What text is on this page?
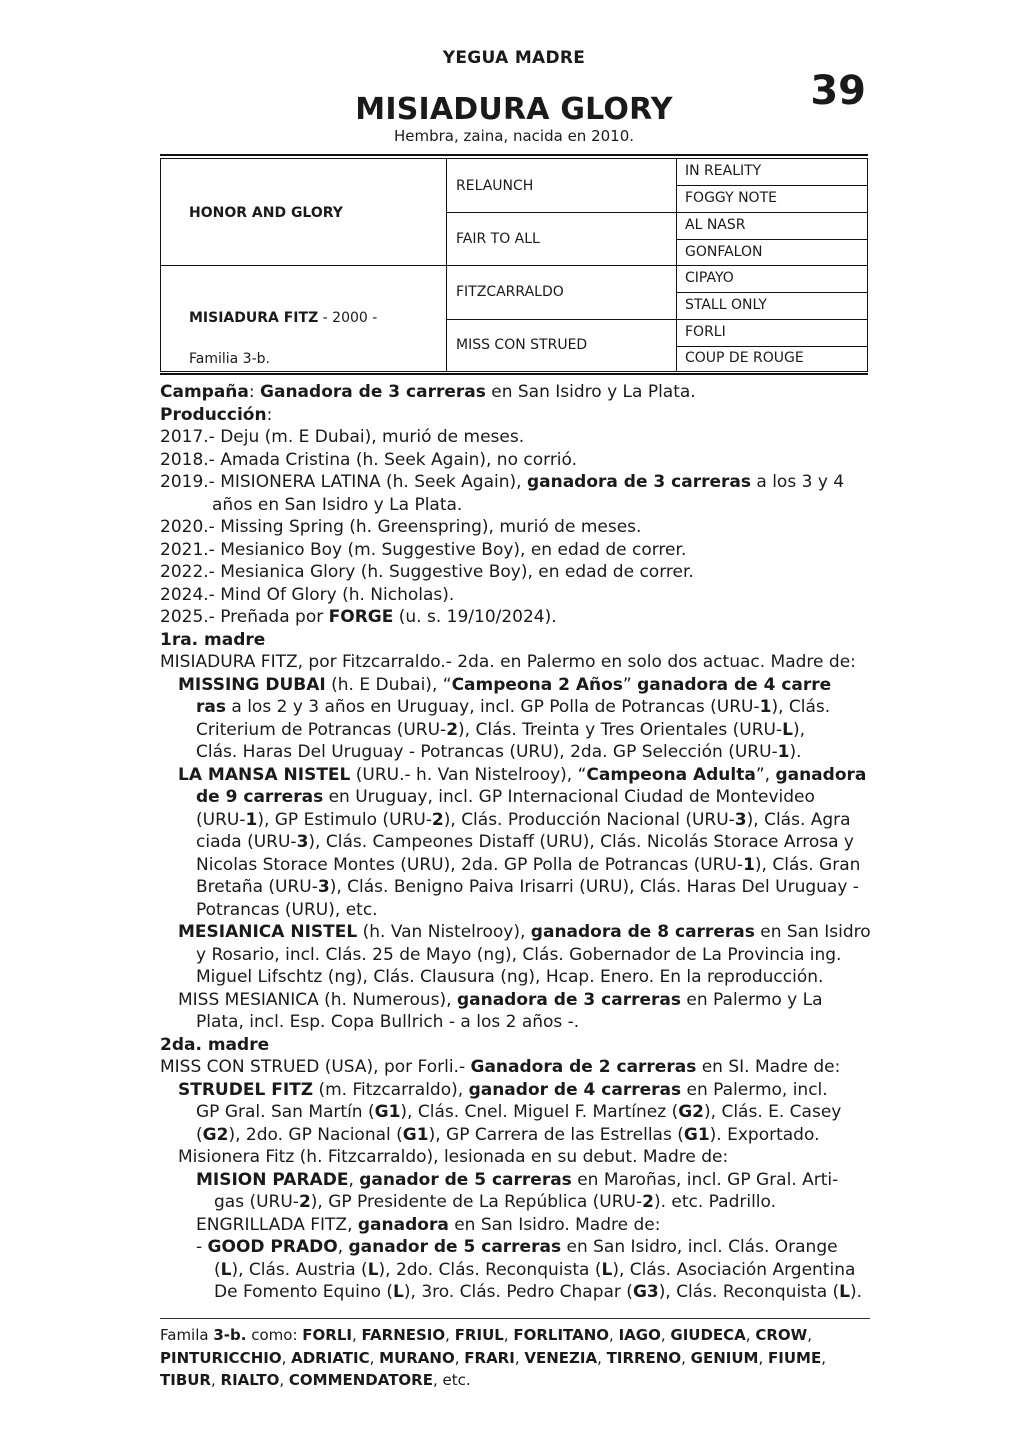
YEGUA MADRE
39
MISIADURA GLORY
Hembra, zaina, nacida en 2010.
HONOR AND GLORY
MISIADURA FITZ - 2000 -
Familia 3-b.
RELAUNCH
FAIR TO ALL
FITZCARRALDO
MISS CON STRUED
IN REALITY
FOGGY NOTE
AL NASR
GONFALON
CIPAYO
STALL ONLY
FORLI
COUP DE ROUGE
Campaña: Ganadora de 3 carreras en San Isidro y La Plata.
Producción:
2017.- Deju (m. E Dubai), murió de meses.
2018.- Amada Cristina (h. Seek Again), no corrió.
2019.- MISIONERA LATINA (h. Seek Again), ganadora de 3 carreras a los 3 y 4
años en San Isidro y La Plata.
2020.- Missing Spring (h. Greenspring), murió de meses.
2021.- Mesianico Boy (m. Suggestive Boy), en edad de correr.
2022.- Mesianica Glory (h. Suggestive Boy), en edad de correr.
2024.- Mind Of Glory (h. Nicholas).
2025.- Preñada por FORGE (u. s. 19/10/2024).
1ra. madre
MISIADURA FITZ, por Fitzcarraldo.- 2da. en Palermo en solo dos actuac. Madre de:
MISSING DUBAI (h. E Dubai), “Campeona 2 Años” ganadora de 4 carre
ras a los 2 y 3 años en Uruguay, incl. GP Polla de Potrancas (URU-1), Clás.
Criterium de Potrancas (URU-2), Clás. Treinta y Tres Orientales (URU-L),
Clás. Haras Del Uruguay - Potrancas (URU), 2da. GP Selección (URU-1).
LA MANSA NISTEL (URU.- h. Van Nistelrooy), “Campeona Adulta”, ganadora
de 9 carreras en Uruguay, incl. GP Internacional Ciudad de Montevideo
(URU-1), GP Estimulo (URU-2), Clás. Producción Nacional (URU-3), Clás. Agra
ciada (URU-3), Clás. Campeones Distaff (URU), Clás. Nicolás Storace Arrosa y
Nicolas Storace Montes (URU), 2da. GP Polla de Potrancas (URU-1), Clás. Gran
Bretaña (URU-3), Clás. Benigno Paiva Irisarri (URU), Clás. Haras Del Uruguay -
Potrancas (URU), etc.
MESIANICA NISTEL (h. Van Nistelrooy), ganadora de 8 carreras en San Isidro
y Rosario, incl. Clás. 25 de Mayo (ng), Clás. Gobernador de La Provincia ing.
Miguel Lifschtz (ng), Clás. Clausura (ng), Hcap. Enero. En la reproducción.
MISS MESIANICA (h. Numerous), ganadora de 3 carreras en Palermo y La
Plata, incl. Esp. Copa Bullrich - a los 2 años -.
2da. madre
MISS CON STRUED (USA), por Forli.- Ganadora de 2 carreras en SI. Madre de:
STRUDEL FITZ (m. Fitzcarraldo), ganador de 4 carreras en Palermo, incl.
GP Gral. San Martín (G1), Clás. Cnel. Miguel F. Martínez (G2), Clás. E. Casey
(G2), 2do. GP Nacional (G1), GP Carrera de las Estrellas (G1). Exportado.
Misionera Fitz (h. Fitzcarraldo), lesionada en su debut. Madre de:
MISION PARADE, ganador de 5 carreras en Maroñas, incl. GP Gral. Arti-
gas (URU-2), GP Presidente de La República (URU-2). etc. Padrillo.
ENGRILLADA FITZ, ganadora en San Isidro. Madre de:
- GOOD PRADO, ganador de 5 carreras en San Isidro, incl. Clás. Orange
(L), Clás. Austria (L), 2do. Clás. Reconquista (L), Clás. Asociación Argentina
De Fomento Equino (L), 3ro. Clás. Pedro Chapar (G3), Clás. Reconquista (L).
Famila 3-b. como: FORLI, FARNESIO, FRIUL, FORLITANO, IAGO, GIUDECA, CROW,
PINTURICCHIO, ADRIATIC, MURANO, FRARI, VENEZIA, TIRRENO, GENIUM, FIUME,
TIBUR, RIALTO, COMMENDATORE, etc.
